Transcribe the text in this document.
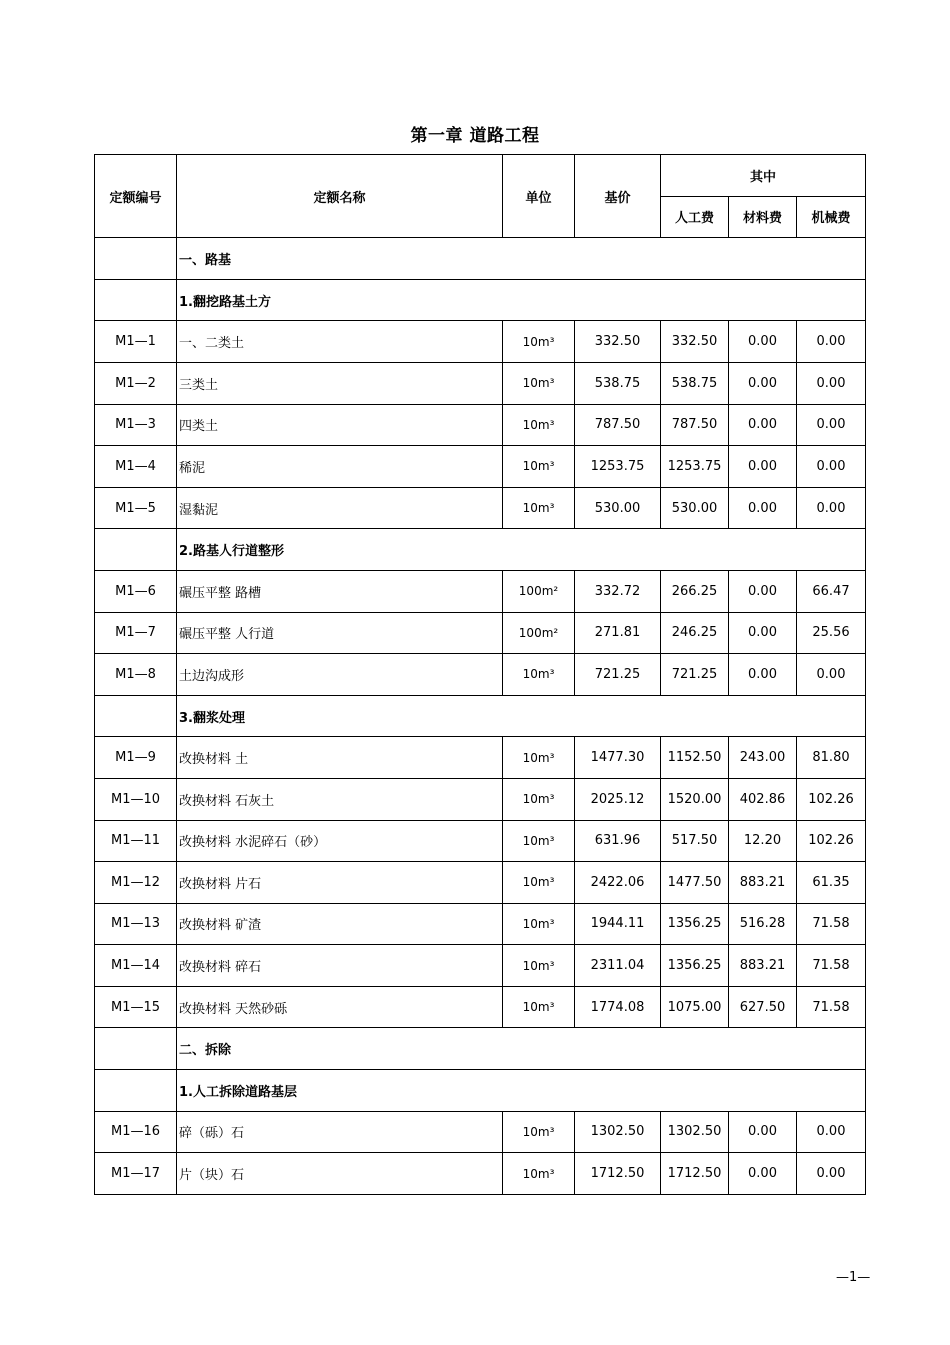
第一章 道路工程
定额编号	定额名称	单位	基价	其中		
				人工费	材料费	机械费
	一、路基					
	1.翻挖路基土方					
M1—1	一、二类土	10m³	332.50	332.50	0.00	0.00
M1—2	三类土	10m³	538.75	538.75	0.00	0.00
M1—3	四类土	10m³	787.50	787.50	0.00	0.00
M1—4	稀泥	10m³	1253.75	1253.75	0.00	0.00
M1—5	湿黏泥	10m³	530.00	530.00	0.00	0.00
	2.路基人行道整形					
M1—6	碾压平整 路槽	100m²	332.72	266.25	0.00	66.47
M1—7	碾压平整 人行道	100m²	271.81	246.25	0.00	25.56
M1—8	土边沟成形	10m³	721.25	721.25	0.00	0.00
	3.翻浆处理					
M1—9	改换材料 土	10m³	1477.30	1152.50	243.00	81.80
M1—10	改换材料 石灰土	10m³	2025.12	1520.00	402.86	102.26
M1—11	改换材料 水泥碎石（砂）	10m³	631.96	517.50	12.20	102.26
M1—12	改换材料 片石	10m³	2422.06	1477.50	883.21	61.35
M1—13	改换材料 矿渣	10m³	1944.11	1356.25	516.28	71.58
M1—14	改换材料 碎石	10m³	2311.04	1356.25	883.21	71.58
M1—15	改换材料 天然砂砾	10m³	1774.08	1075.00	627.50	71.58
	二、拆除					
	1.人工拆除道路基层					
M1—16	碎（砾）石	10m³	1302.50	1302.50	0.00	0.00
M1—17	片（块）石	10m³	1712.50	1712.50	0.00	0.00
—1—
